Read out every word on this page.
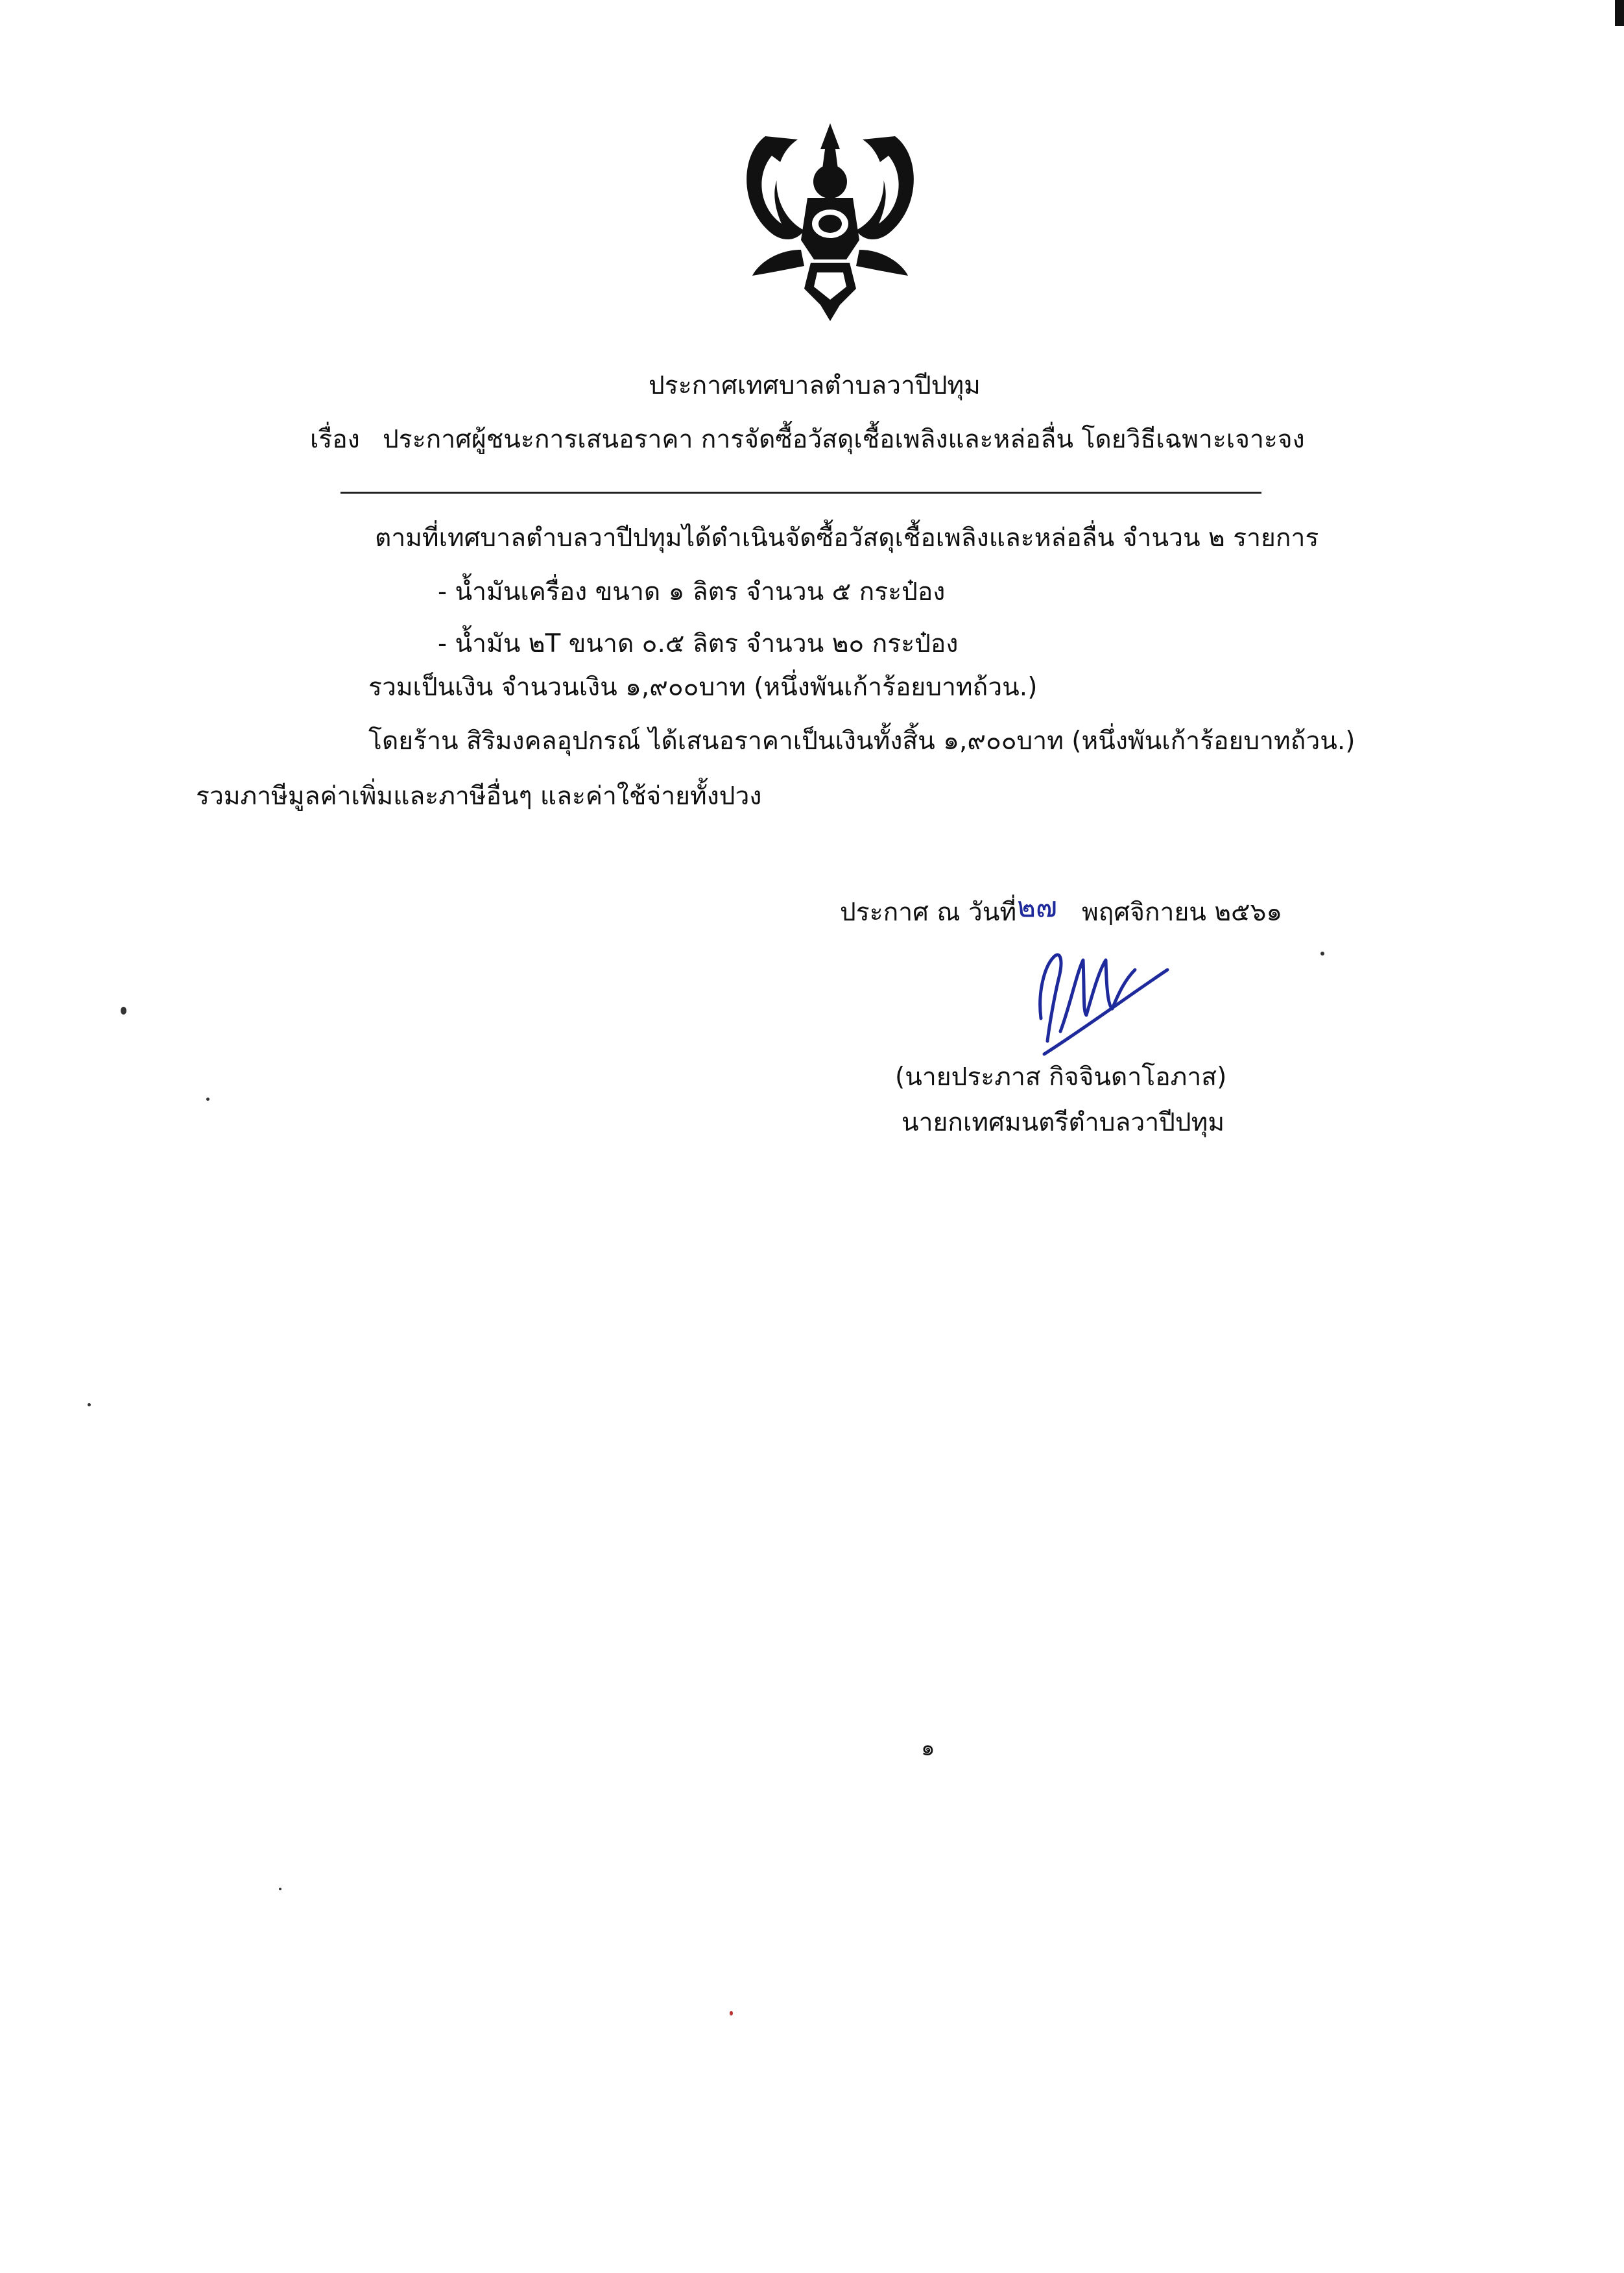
ประกาศเทศบาลตำบลวาปีปทุม
เรื่อง ประกาศผู้ชนะการเสนอราคา การจัดซื้อวัสดุเชื้อเพลิงและหล่อลื่น โดยวิธีเฉพาะเจาะจง
ตามที่เทศบาลตำบลวาปีปทุมได้ดำเนินจัดซื้อวัสดุเชื้อเพลิงและหล่อลื่น จำนวน ๒ รายการ
- น้ำมันเครื่อง ขนาด ๑ ลิตร จำนวน ๕ กระป๋อง
- น้ำมัน ๒T ขนาด ๐.๕ ลิตร จำนวน ๒๐ กระป๋อง
รวมเป็นเงิน จำนวนเงิน ๑,๙๐๐บาท (หนึ่งพันเก้าร้อยบาทถ้วน.)
โดยร้าน สิริมงคลอุปกรณ์ ได้เสนอราคาเป็นเงินทั้งสิ้น ๑,๙๐๐บาท (หนึ่งพันเก้าร้อยบาทถ้วน.)
รวมภาษีมูลค่าเพิ่มและภาษีอื่นๆ และค่าใช้จ่ายทั้งปวง
ประกาศ ณ วันที่ ๒๗ พฤศจิกายน ๒๕๖๑
(นายประภาส กิจจินดาโอภาส)
นายกเทศมนตรีตำบลวาปีปทุม
๑
